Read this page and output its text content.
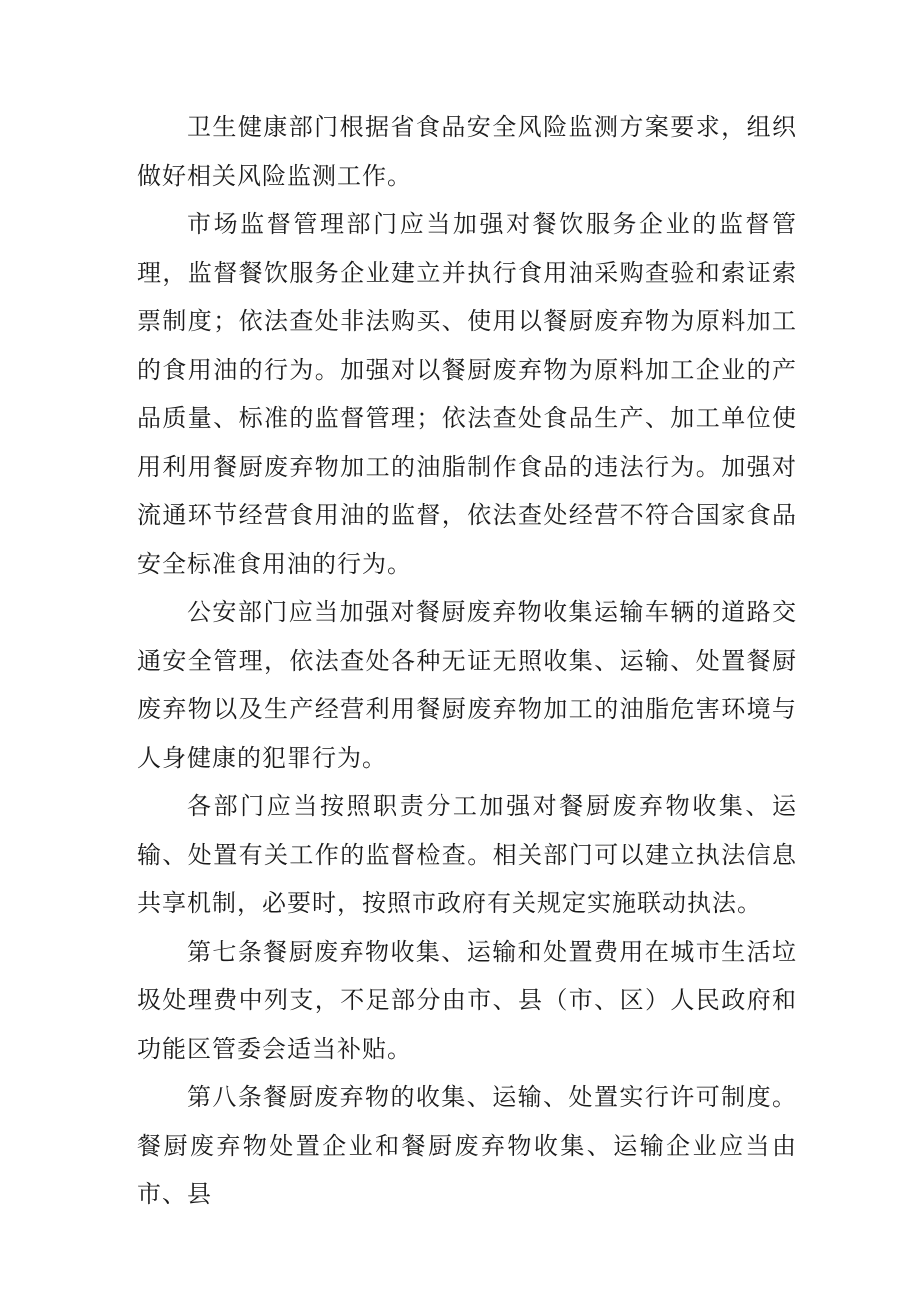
卫生健康部门根据省食品安全风险监测方案要求，组织做好相关风险监测工作。

市场监督管理部门应当加强对餐饮服务企业的监督管理，监督餐饮服务企业建立并执行食用油采购查验和索证索票制度；依法查处非法购买、使用以餐厨废弃物为原料加工的食用油的行为。加强对以餐厨废弃物为原料加工企业的产品质量、标准的监督管理；依法查处食品生产、加工单位使用利用餐厨废弃物加工的油脂制作食品的违法行为。加强对流通环节经营食用油的监督，依法查处经营不符合国家食品安全标准食用油的行为。

公安部门应当加强对餐厨废弃物收集运输车辆的道路交通安全管理，依法查处各种无证无照收集、运输、处置餐厨废弃物以及生产经营利用餐厨废弃物加工的油脂危害环境与人身健康的犯罪行为。

各部门应当按照职责分工加强对餐厨废弃物收集、运输、处置有关工作的监督检查。相关部门可以建立执法信息共享机制，必要时，按照市政府有关规定实施联动执法。

第七条餐厨废弃物收集、运输和处置费用在城市生活垃圾处理费中列支，不足部分由市、县（市、区）人民政府和功能区管委会适当补贴。

第八条餐厨废弃物的收集、运输、处置实行许可制度。餐厨废弃物处置企业和餐厨废弃物收集、运输企业应当由市、县
